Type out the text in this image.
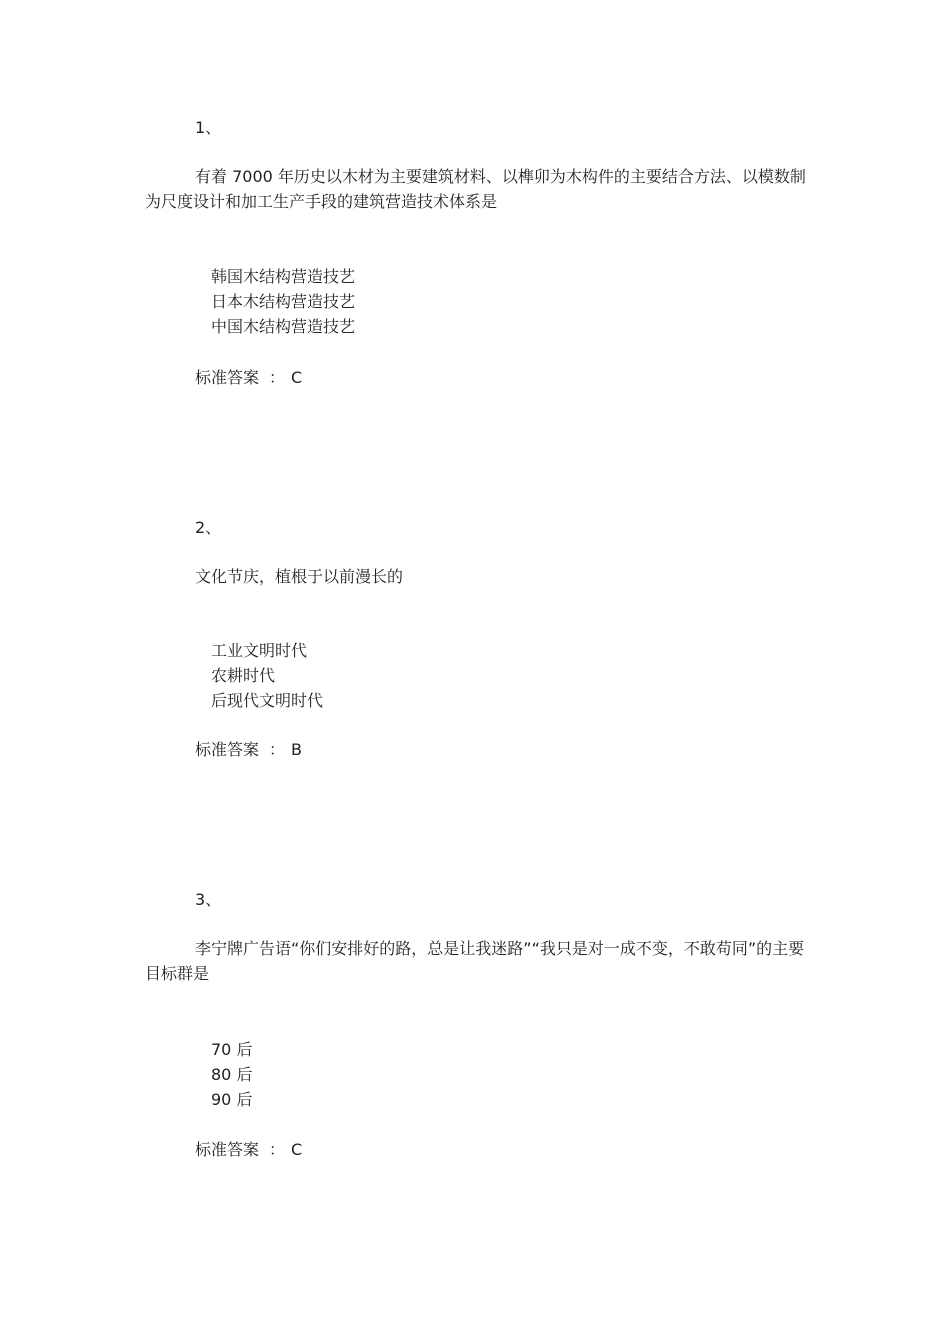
1、
有着 7000 年历史以木材为主要建筑材料、以榫卯为木构件的主要结合方法、以模数制为尺度设计和加工生产手段的建筑营造技术体系是
韩国木结构营造技艺
日本木结构营造技艺
中国木结构营造技艺
标准答案 ： C
2、
文化节庆，植根于以前漫长的
工业文明时代
农耕时代
后现代文明时代
标准答案 ： B
3、
李宁牌广告语“你们安排好的路，总是让我迷路”“我只是对一成不变，不敢苟同”的主要目标群是
70 后
80 后
90 后
标准答案 ： C
